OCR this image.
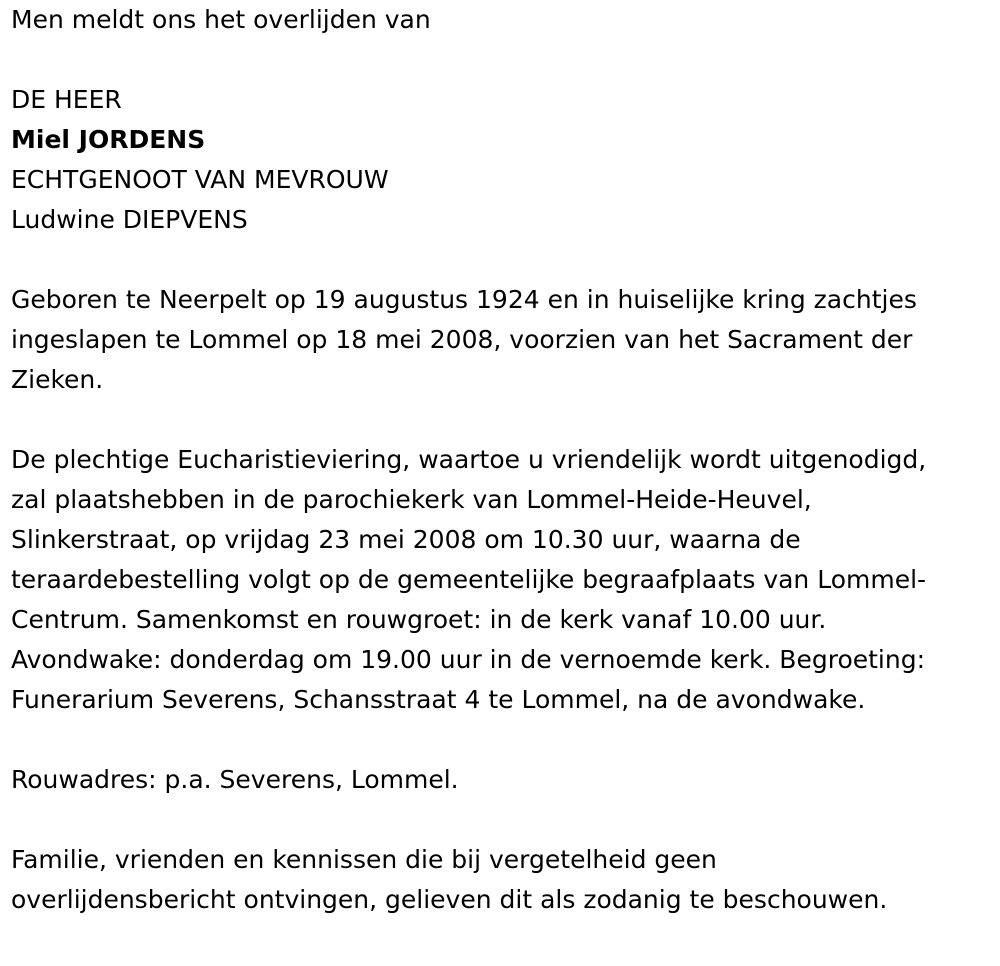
Men meldt ons het overlijden van

DE HEER

Miel JORDENS

ECHTGENOOT VAN MEVROUW

Ludwine DIEPVENS

Geboren te Neerpelt op 19 augustus 1924 en in huiselijke kring zachtjes
ingeslapen te Lommel op 18 mei 2008, voorzien van het Sacrament der
Zieken.

De plechtige Eucharistieviering, waartoe u vriendelijk wordt uitgenodigd,
zal plaatshebben in de parochiekerk van Lommel-Heide-Heuvel,
Slinkerstraat, op vrijdag 23 mei 2008 om 10.30 uur, waarna de
teraardebestelling volgt op de gemeentelijke begraafplaats van Lommel-
Centrum. Samenkomst en rouwgroet: in de kerk vanaf 10.00 uur.
Avondwake: donderdag om 19.00 uur in de vernoemde kerk. Begroeting:
Funerarium Severens, Schansstraat 4 te Lommel, na de avondwake.

Rouwadres: p.a. Severens, Lommel.

Familie, vrienden en kennissen die bij vergetelheid geen
overlijdensbericht ontvingen, gelieven dit als zodanig te beschouwen.
